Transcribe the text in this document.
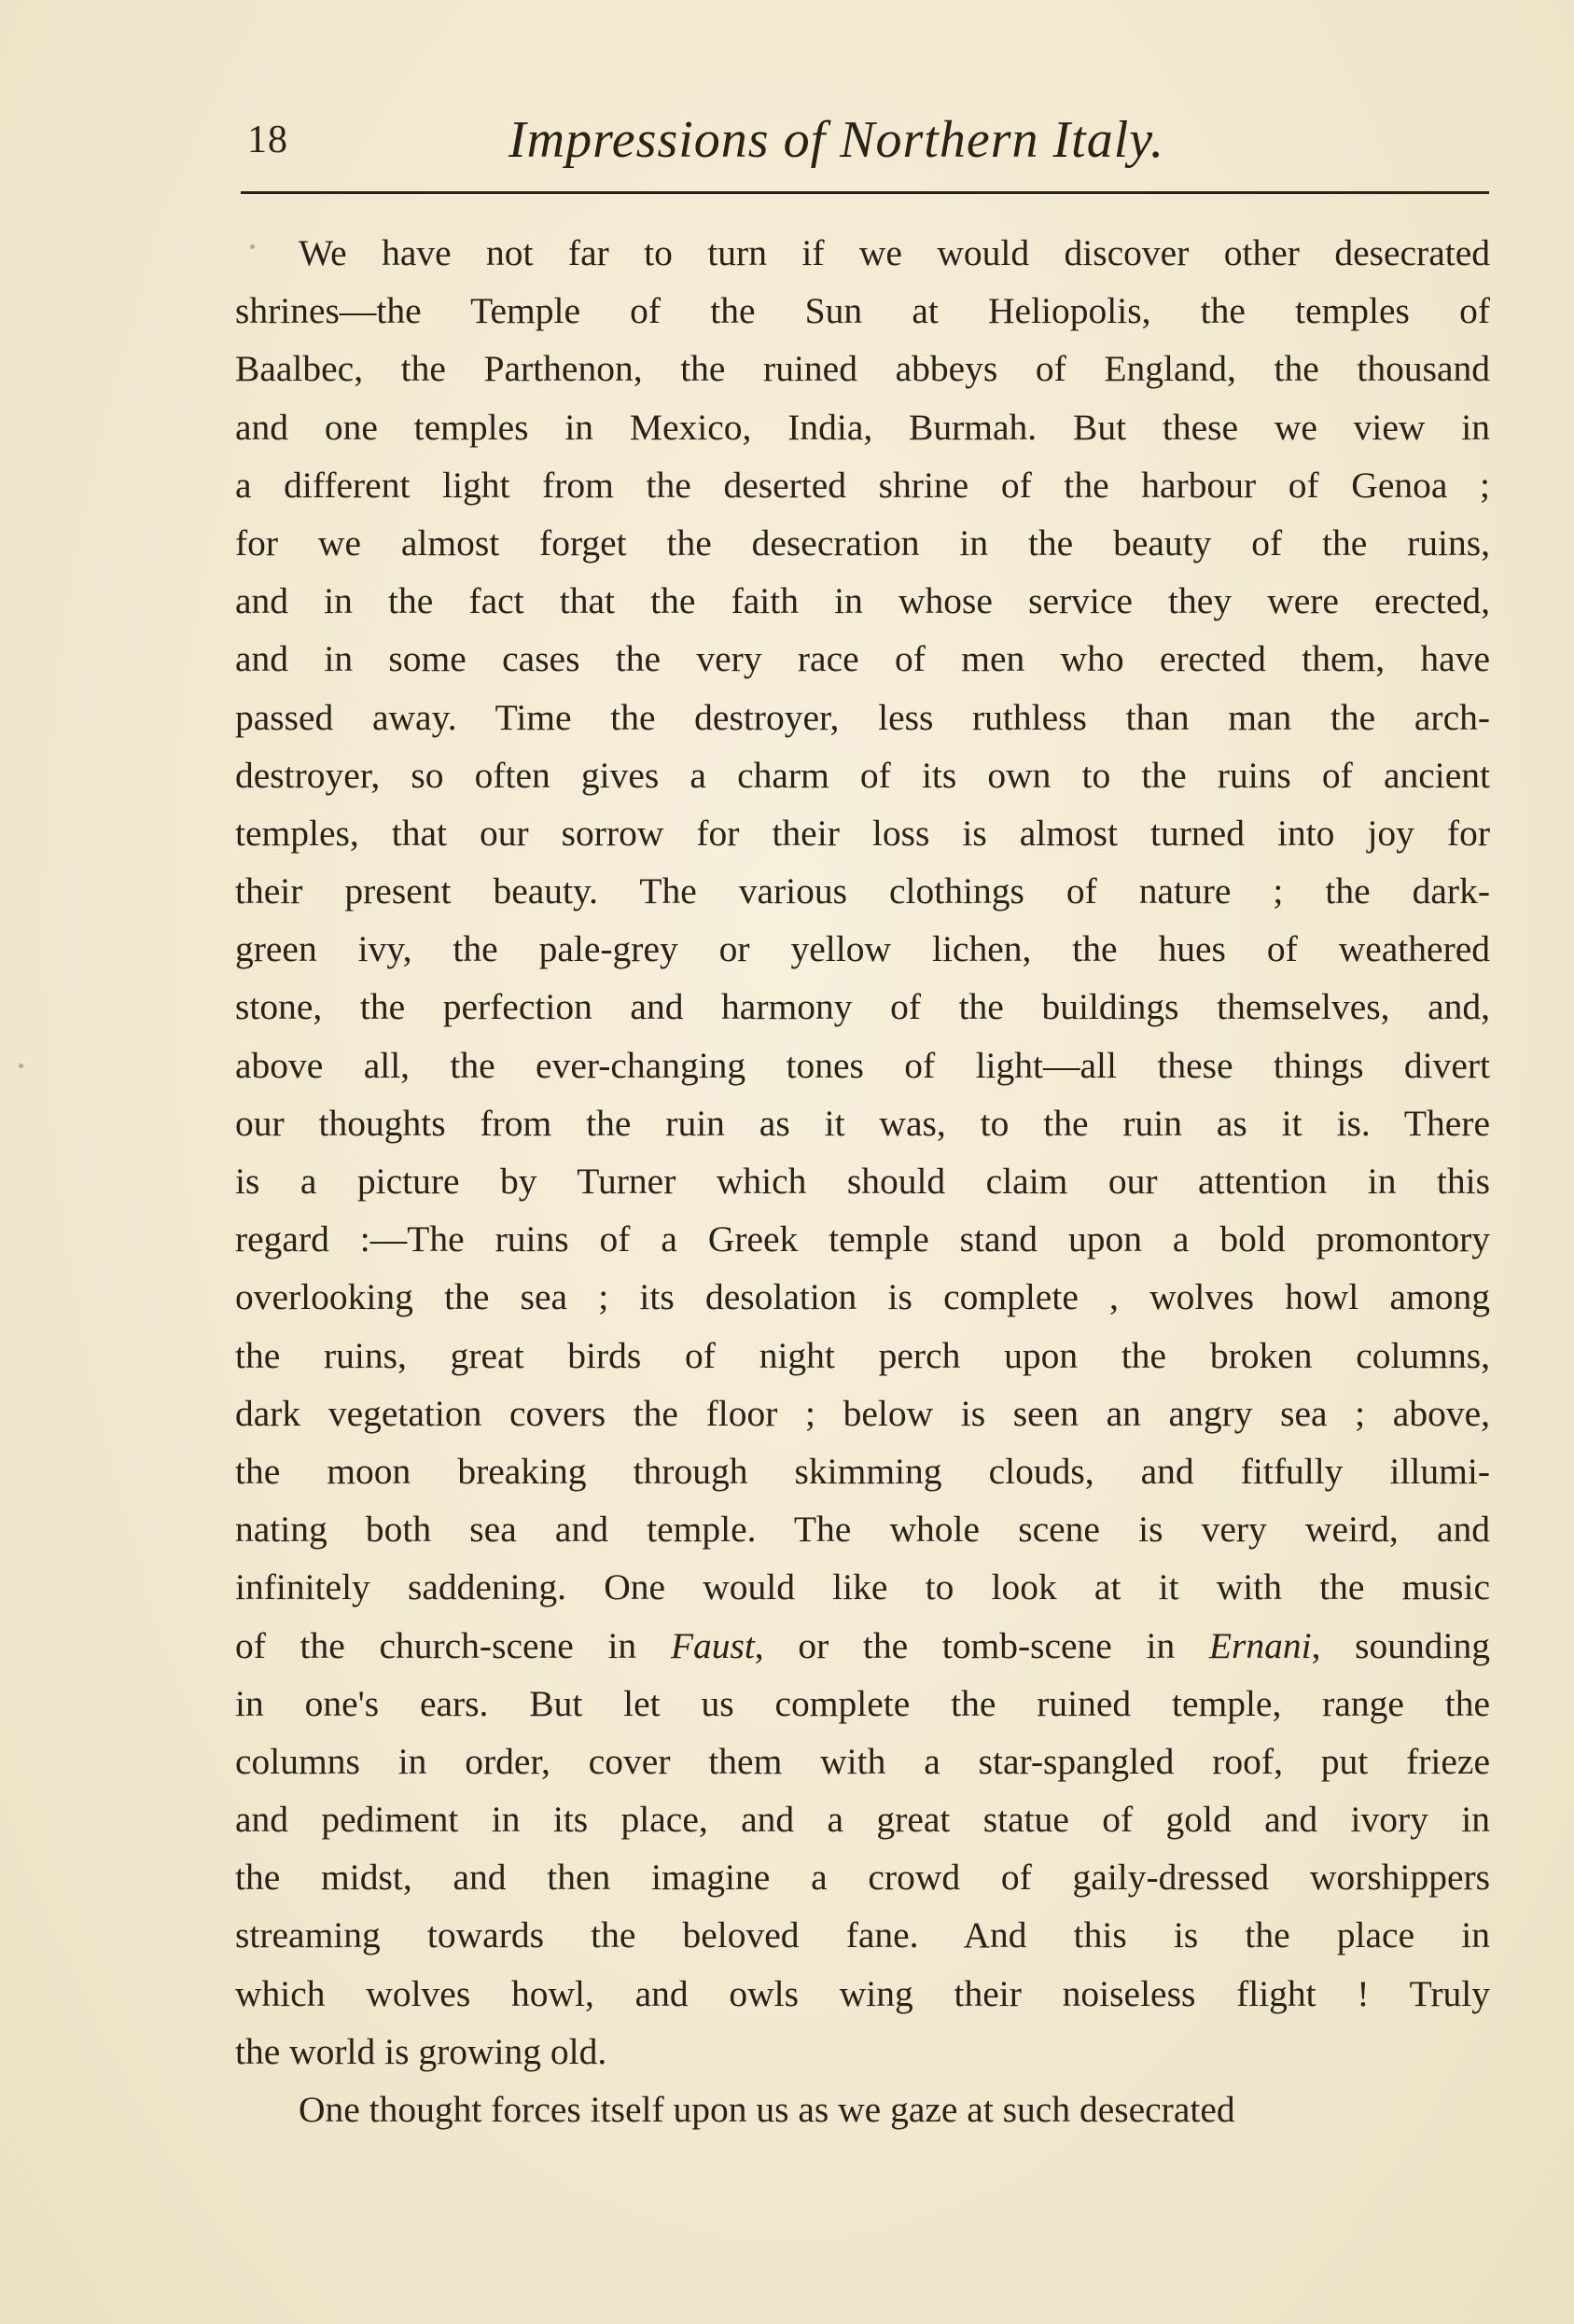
18	Impressions of Northern Italy.
We have not far to turn if we would discover other desecrated
shrines—the Temple of the Sun at Heliopolis, the temples of
Baalbec, the Parthenon, the ruined abbeys of England, the thousand
and one temples in Mexico, India, Burmah. But these we view in
a different light from the deserted shrine of the harbour of Genoa ;
for we almost forget the desecration in the beauty of the ruins,
and in the fact that the faith in whose service they were erected,
and in some cases the very race of men who erected them, have
passed away. Time the destroyer, less ruthless than man the arch-
destroyer, so often gives a charm of its own to the ruins of ancient
temples, that our sorrow for their loss is almost turned into joy for
their present beauty. The various clothings of nature ; the dark-
green ivy, the pale-grey or yellow lichen, the hues of weathered
stone, the perfection and harmony of the buildings themselves, and,
above all, the ever-changing tones of light—all these things divert
our thoughts from the ruin as it was, to the ruin as it is. There
is a picture by Turner which should claim our attention in this
regard :—The ruins of a Greek temple stand upon a bold promontory
overlooking the sea ; its desolation is complete , wolves howl among
the ruins, great birds of night perch upon the broken columns,
dark vegetation covers the floor ; below is seen an angry sea ; above,
the moon breaking through skimming clouds, and fitfully illumi-
nating both sea and temple. The whole scene is very weird, and
infinitely saddening. One would like to look at it with the music
of the church-scene in Faust, or the tomb-scene in Ernani, sounding
in one's ears. But let us complete the ruined temple, range the
columns in order, cover them with a star-spangled roof, put frieze
and pediment in its place, and a great statue of gold and ivory in
the midst, and then imagine a crowd of gaily-dressed worshippers
streaming towards the beloved fane. And this is the place in
which wolves howl, and owls wing their noiseless flight ! Truly
the world is growing old.
One thought forces itself upon us as we gaze at such desecrated
